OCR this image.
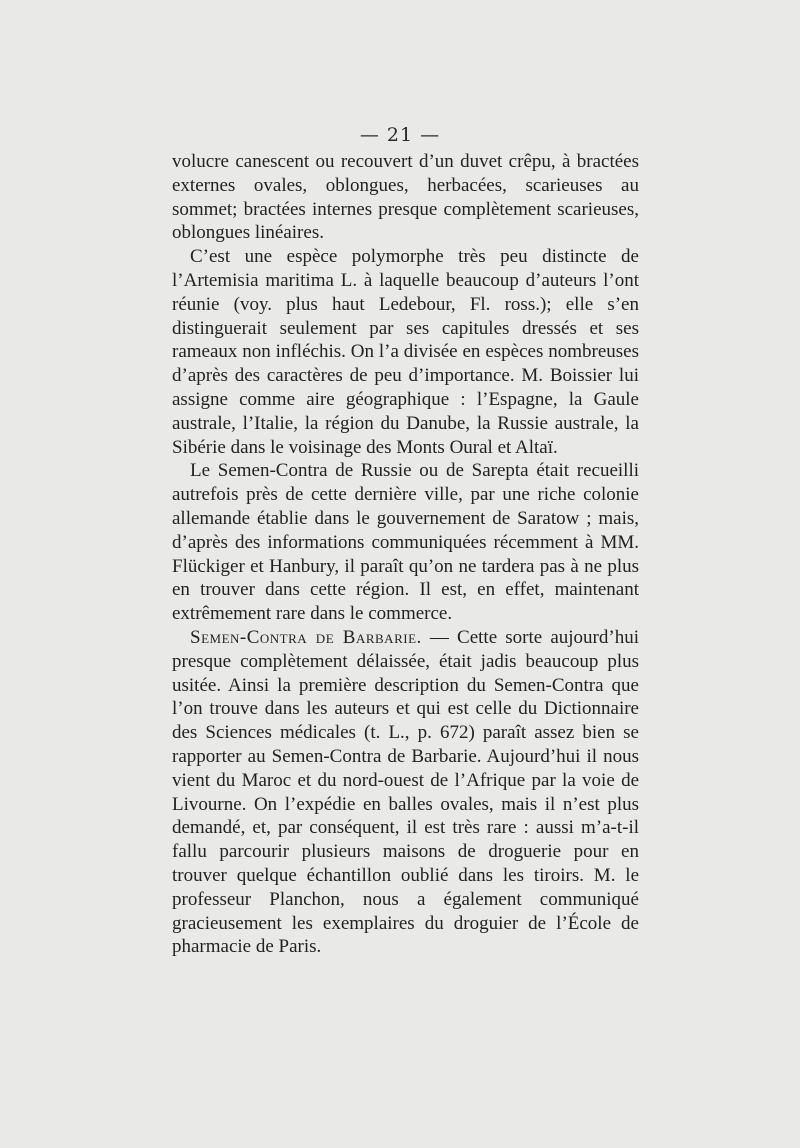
— 21 —

volucre canescent ou recouvert d’un duvet crêpu, à bractées externes ovales, oblongues, herbacées, scarieuses au sommet; bractées internes presque complètement scarieuses, oblongues linéaires.

C’est une espèce polymorphe très peu distincte de l’Artemisia maritima L. à laquelle beaucoup d’auteurs l’ont réunie (voy. plus haut Ledebour, Fl. ross.); elle s’en distinguerait seulement par ses capitules dressés et ses rameaux non infléchis. On l’a divisée en espèces nombreuses d’après des caractères de peu d’importance. M. Boissier lui assigne comme aire géographique : l’Espagne, la Gaule australe, l’Italie, la région du Danube, la Russie australe, la Sibérie dans le voisinage des Monts Oural et Altaï.

Le Semen-Contra de Russie ou de Sarepta était recueilli autrefois près de cette dernière ville, par une riche colonie allemande établie dans le gouvernement de Saratow ; mais, d’après des informations communiquées récemment à MM. Flückiger et Hanbury, il paraît qu’on ne tardera pas à ne plus en trouver dans cette région. Il est, en effet, maintenant extrêmement rare dans le commerce.

Semen-Contra de Barbarie. — Cette sorte aujourd’hui presque complètement délaissée, était jadis beaucoup plus usitée. Ainsi la première description du Semen-Contra que l’on trouve dans les auteurs et qui est celle du Dictionnaire des Sciences médicales (t. L., p. 672) paraît assez bien se rapporter au Semen-Contra de Barbarie. Aujourd’hui il nous vient du Maroc et du nord-ouest de l’Afrique par la voie de Livourne. On l’expédie en balles ovales, mais il n’est plus demandé, et, par conséquent, il est très rare : aussi m’a-t-il fallu parcourir plusieurs maisons de droguerie pour en trouver quelque échantillon oublié dans les tiroirs. M. le professeur Planchon, nous a également communiqué gracieusement les exemplaires du droguier de l’École de pharmacie de Paris.
